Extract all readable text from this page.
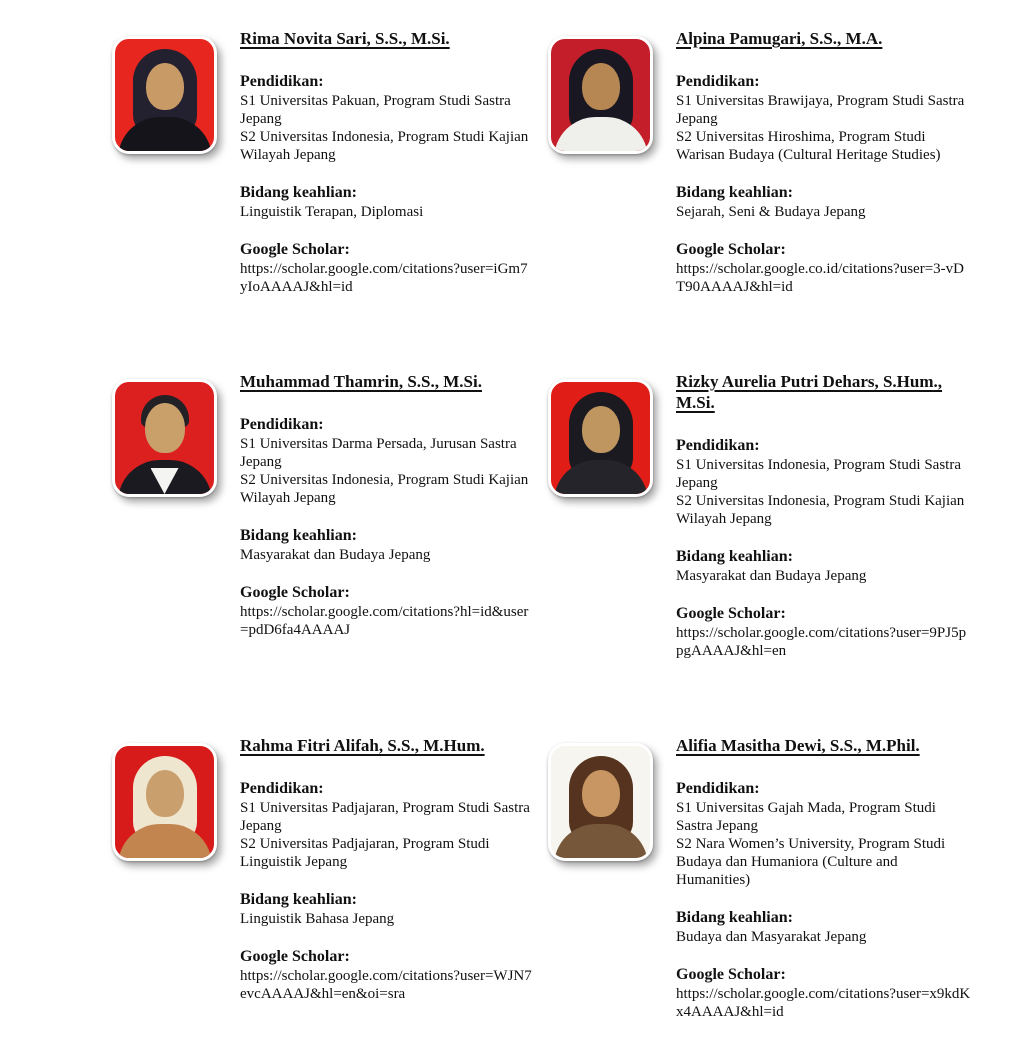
Rima Novita Sari, S.S., M.Si.
Pendidikan:
S1 Universitas Pakuan, Program Studi Sastra Jepang
S2 Universitas Indonesia, Program Studi Kajian Wilayah Jepang
Bidang keahlian:
Linguistik Terapan, Diplomasi
Google Scholar:
https://scholar.google.com/citations?user=iGm7yIoAAAAJ&hl=id
Alpina Pamugari, S.S., M.A.
Pendidikan:
S1 Universitas Brawijaya, Program Studi Sastra Jepang
S2 Universitas Hiroshima, Program Studi Warisan Budaya (Cultural Heritage Studies)
Bidang keahlian:
Sejarah, Seni & Budaya Jepang
Google Scholar:
https://scholar.google.co.id/citations?user=3-vDT90AAAAJ&hl=id
Muhammad Thamrin, S.S., M.Si.
Pendidikan:
S1 Universitas Darma Persada, Jurusan Sastra Jepang
S2 Universitas Indonesia, Program Studi Kajian Wilayah Jepang
Bidang keahlian:
Masyarakat dan Budaya Jepang
Google Scholar:
https://scholar.google.com/citations?hl=id&user=pdD6fa4AAAAJ
Rizky Aurelia Putri Dehars, S.Hum., M.Si.
Pendidikan:
S1 Universitas Indonesia, Program Studi Sastra Jepang
S2 Universitas Indonesia, Program Studi Kajian Wilayah Jepang
Bidang keahlian:
Masyarakat dan Budaya Jepang
Google Scholar:
https://scholar.google.com/citations?user=9PJ5ppgAAAAJ&hl=en
Rahma Fitri Alifah, S.S., M.Hum.
Pendidikan:
S1 Universitas Padjajaran, Program Studi Sastra Jepang
S2 Universitas Padjajaran, Program Studi Linguistik Jepang
Bidang keahlian:
Linguistik Bahasa Jepang
Google Scholar:
https://scholar.google.com/citations?user=WJN7evcAAAAJ&hl=en&oi=sra
Alifia Masitha Dewi, S.S., M.Phil.
Pendidikan:
S1 Universitas Gajah Mada, Program Studi Sastra Jepang
S2 Nara Women’s University, Program Studi Budaya dan Humaniora (Culture and Humanities)
Bidang keahlian:
Budaya dan Masyarakat Jepang
Google Scholar:
https://scholar.google.com/citations?user=x9kdKx4AAAAJ&hl=id
